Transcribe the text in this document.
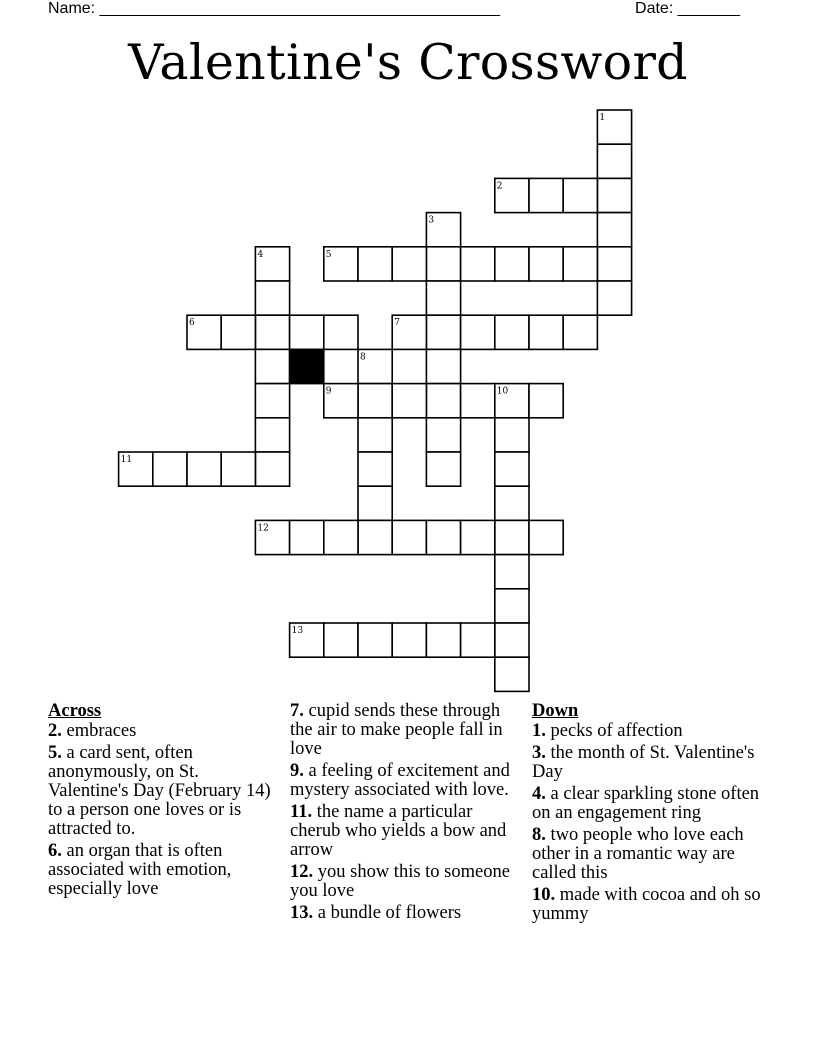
Name: _____________________________________________	Date: _______
Valentine's Crossword
1
2
3
4	5
6	7
8
9	10
11
12
13
Across
2. embraces
5. a card sent, often anonymously, on St. Valentine's Day (February 14) to a person one loves or is attracted to.
6. an organ that is often associated with emotion, especially love
7. cupid sends these through the air to make people fall in love
9. a feeling of excitement and mystery associated with love.
11. the name a particular cherub who yields a bow and arrow
12. you show this to someone you love
13. a bundle of flowers
Down
1. pecks of affection
3. the month of St. Valentine's Day
4. a clear sparkling stone often on an engagement ring
8. two people who love each other in a romantic way are called this
10. made with cocoa and oh so yummy
